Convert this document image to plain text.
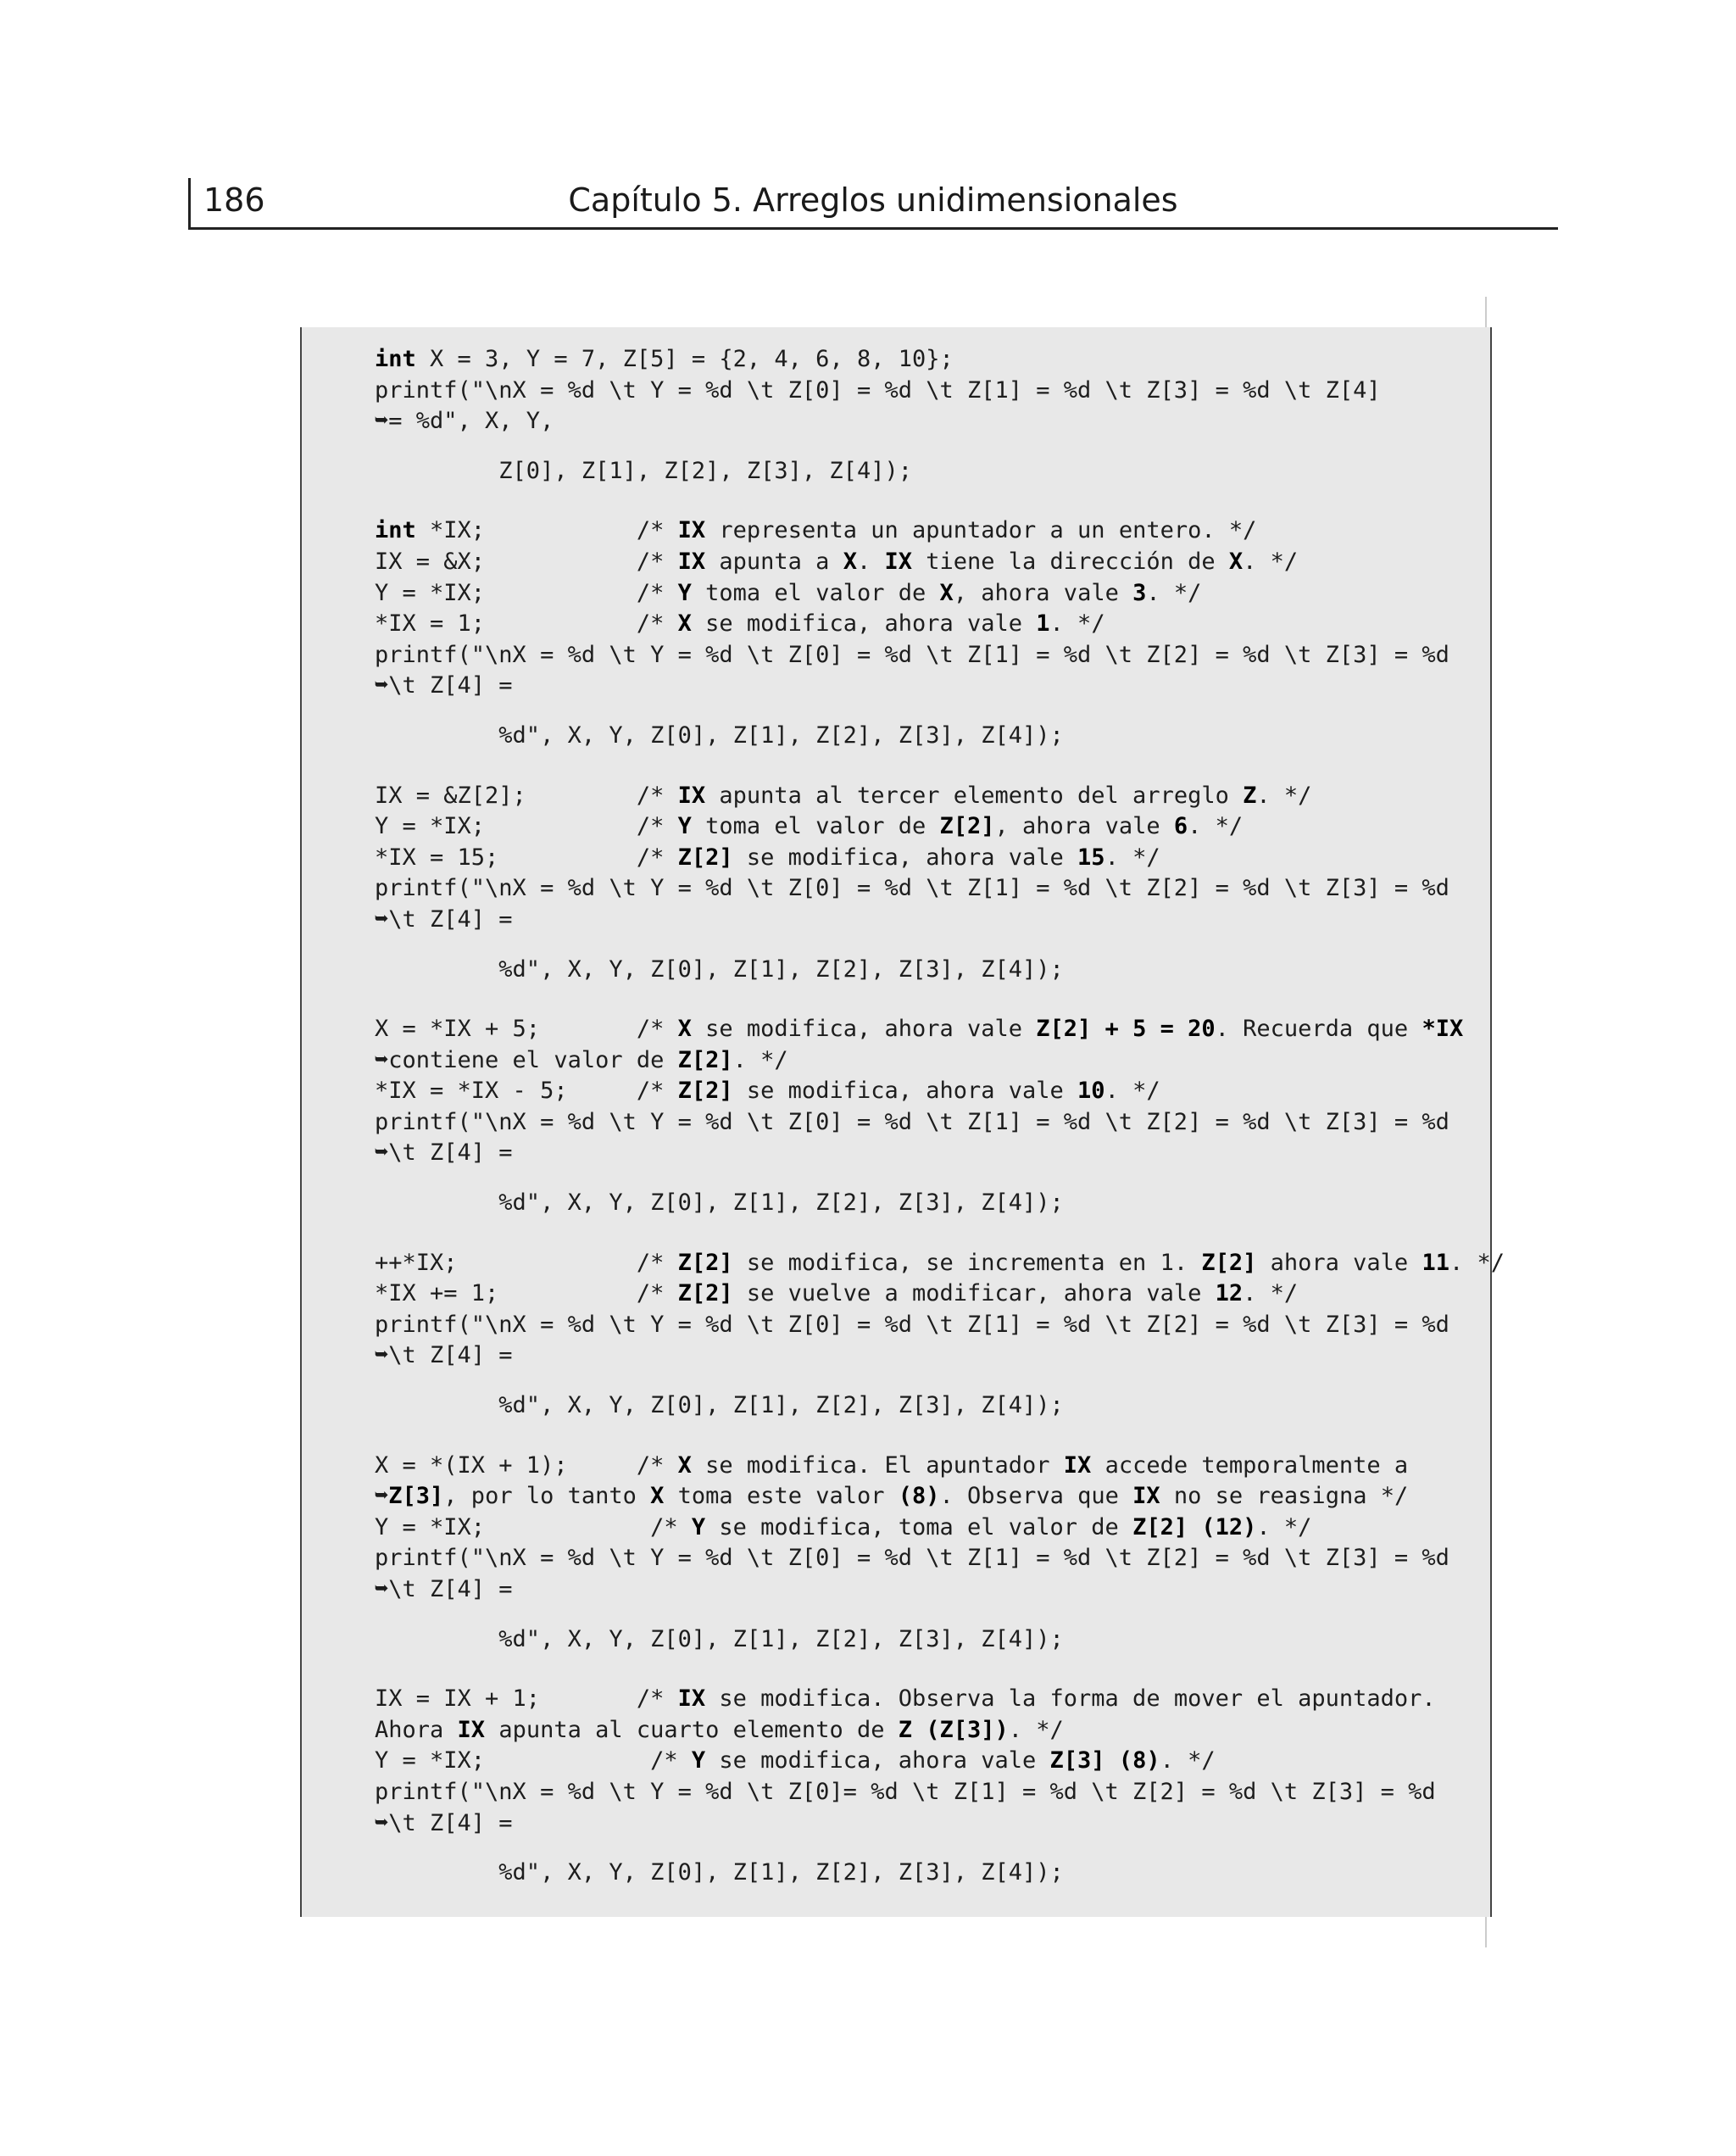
186	Capítulo 5. Arreglos unidimensionales
int X = 3, Y = 7, Z[5] = {2, 4, 6, 8, 10};
printf("\nX = %d \t Y = %d \t Z[0] = %d \t Z[1] = %d \t Z[3] = %d \t Z[4]
➥= %d", X, Y,
Z[0], Z[1], Z[2], Z[3], Z[4]);
int *IX;           /* IX representa un apuntador a un entero. */
IX = &X;           /* IX apunta a X. IX tiene la dirección de X. */
Y = *IX;           /* Y toma el valor de X, ahora vale 3. */
*IX = 1;           /* X se modifica, ahora vale 1. */
printf("\nX = %d \t Y = %d \t Z[0] = %d \t Z[1] = %d \t Z[2] = %d \t Z[3] = %d
➥\t Z[4] =
%d", X, Y, Z[0], Z[1], Z[2], Z[3], Z[4]);
IX = &Z[2];        /* IX apunta al tercer elemento del arreglo Z. */
Y = *IX;           /* Y toma el valor de Z[2], ahora vale 6. */
*IX = 15;          /* Z[2] se modifica, ahora vale 15. */
printf("\nX = %d \t Y = %d \t Z[0] = %d \t Z[1] = %d \t Z[2] = %d \t Z[3] = %d
➥\t Z[4] =
%d", X, Y, Z[0], Z[1], Z[2], Z[3], Z[4]);
X = *IX + 5;       /* X se modifica, ahora vale Z[2] + 5 = 20. Recuerda que *IX
➥contiene el valor de Z[2]. */
*IX = *IX - 5;     /* Z[2] se modifica, ahora vale 10. */
printf("\nX = %d \t Y = %d \t Z[0] = %d \t Z[1] = %d \t Z[2] = %d \t Z[3] = %d
➥\t Z[4] =
%d", X, Y, Z[0], Z[1], Z[2], Z[3], Z[4]);
++*IX;             /* Z[2] se modifica, se incrementa en 1. Z[2] ahora vale 11. */
*IX += 1;          /* Z[2] se vuelve a modificar, ahora vale 12. */
printf("\nX = %d \t Y = %d \t Z[0] = %d \t Z[1] = %d \t Z[2] = %d \t Z[3] = %d
➥\t Z[4] =
%d", X, Y, Z[0], Z[1], Z[2], Z[3], Z[4]);
X = *(IX + 1);     /* X se modifica. El apuntador IX accede temporalmente a
➥Z[3], por lo tanto X toma este valor (8). Observa que IX no se reasigna */
Y = *IX;            /* Y se modifica, toma el valor de Z[2] (12). */
printf("\nX = %d \t Y = %d \t Z[0] = %d \t Z[1] = %d \t Z[2] = %d \t Z[3] = %d
➥\t Z[4] =
%d", X, Y, Z[0], Z[1], Z[2], Z[3], Z[4]);
IX = IX + 1;       /* IX se modifica. Observa la forma de mover el apuntador.
Ahora IX apunta al cuarto elemento de Z (Z[3]). */
Y = *IX;            /* Y se modifica, ahora vale Z[3] (8). */
printf("\nX = %d \t Y = %d \t Z[0]= %d \t Z[1] = %d \t Z[2] = %d \t Z[3] = %d
➥\t Z[4] =
%d", X, Y, Z[0], Z[1], Z[2], Z[3], Z[4]);
